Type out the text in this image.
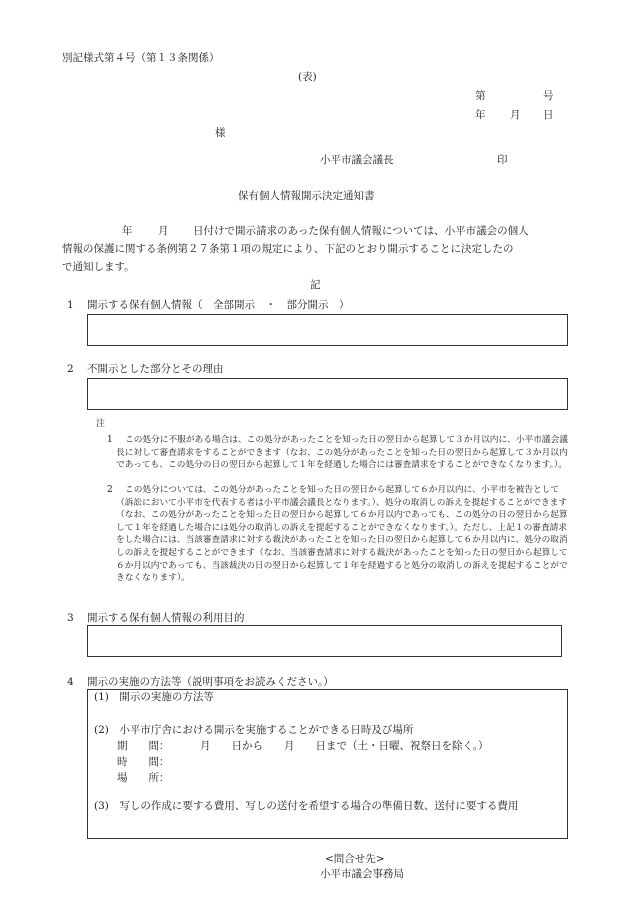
別記様式第４号（第１３条関係）
(表)
第	号
年 月 日
様
小平市議会議長	印
保有個人情報開示決定通知書
年 月 日付けで開示請求のあった保有個人情報については、小平市議会の個人
情報の保護に関する条例第２７条第１項の規定により、下記のとおり開示することに決定したの
で通知します。
記
1 開示する保有個人情報（　全部開示　・　部分開示　）
2 不開示とした部分とその理由
注
1	この処分に不服がある場合は、この処分があったことを知った日の翌日から起算して３か月以内に、小平市議会議長に対して審査請求をすることができます（なお、この処分があったことを知った日の翌日から起算して３か月以内であっても、この処分の日の翌日から起算して１年を経過した場合には審査請求をすることができなくなります。）。
2	この処分については、この処分があったことを知った日の翌日から起算して６か月以内に、小平市を被告として（訴訟において小平市を代表する者は小平市議会議長となります。）、処分の取消しの訴えを提起することができます（なお、この処分があったことを知った日の翌日から起算して６か月以内であっても、この処分の日の翌日から起算して１年を経過した場合には処分の取消しの訴えを提起することができなくなります。）。ただし、上記１の審査請求をした場合には、当該審査請求に対する裁決があったことを知った日の翌日から起算して６か月以内に、処分の取消しの訴えを提起することができます（なお、当該審査請求に対する裁決があったことを知った日の翌日から起算して６か月以内であっても、当該裁決の日の翌日から起算して１年を経過すると処分の取消しの訴えを提起することができなくなります）。
3 開示する保有個人情報の利用目的
4 開示の実施の方法等（説明事項をお読みください。）
(1)　開示の実施の方法等
(2)　小平市庁舎における開示を実施することができる日時及び場所
期　　間：	月　　日から　　月　　日まで（土・日曜、祝祭日を除く。）
時　　間：
場　　所：
(3)　写しの作成に要する費用、写しの送付を希望する場合の準備日数、送付に要する費用
<問合せ先>
小平市議会事務局
